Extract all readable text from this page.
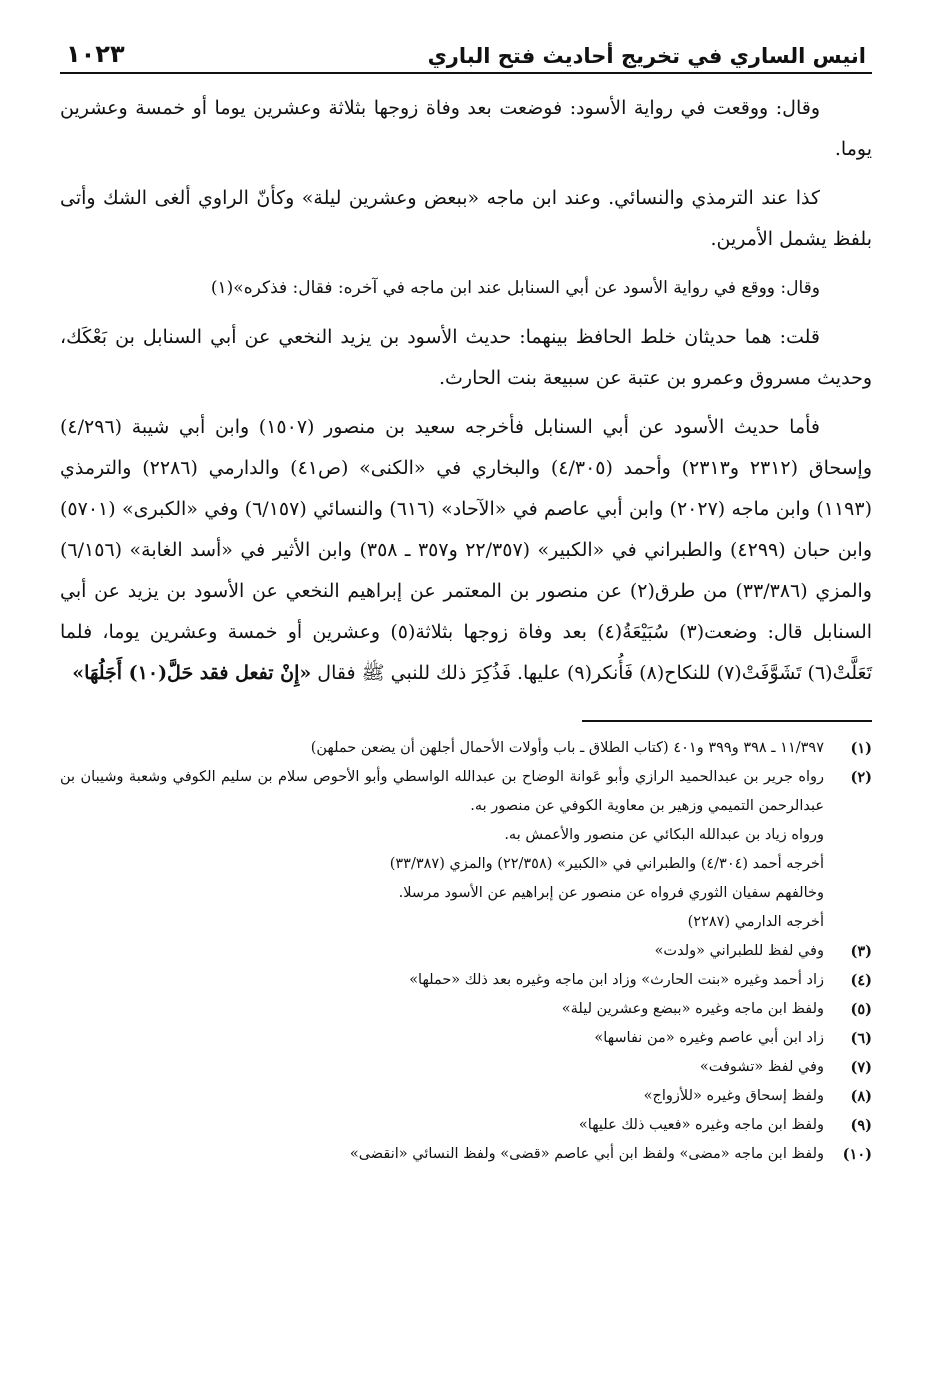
انيس الساري في تخريج أحاديث فتح الباري
١٠٢٣

وقال: ووقعت في رواية الأسود: فوضعت بعد وفاة زوجها بثلاثة وعشرين يوما أو خمسة وعشرين يوما.

كذا عند الترمذي والنسائي. وعند ابن ماجه «ببعض وعشرين ليلة» وكأنّ الراوي ألغى الشك وأتى بلفظ يشمل الأمرين.

وقال: ووقع في رواية الأسود عن أبي السنابل عند ابن ماجه في آخره: فقال: فذكره»(١)

قلت: هما حديثان خلط الحافظ بينهما: حديث الأسود بن يزيد النخعي عن أبي السنابل بن بَعْكَك، وحديث مسروق وعمرو بن عتبة عن سبيعة بنت الحارث.

فأما حديث الأسود عن أبي السنابل فأخرجه سعيد بن منصور (١٥٠٧) وابن أبي شيبة (٤/٢٩٦) وإسحاق (٢٣١٢ و٢٣١٣) وأحمد (٤/٣٠٥) والبخاري في «الكنى» (ص٤١) والدارمي (٢٢٨٦) والترمذي (١١٩٣) وابن ماجه (٢٠٢٧) وابن أبي عاصم في «الآحاد» (٦١٦) والنسائي (٦/١٥٧) وفي «الكبرى» (٥٧٠١) وابن حبان (٤٢٩٩) والطبراني في «الكبير» (٢٢/٣٥٧ و٣٥٧ ـ ٣٥٨) وابن الأثير في «أسد الغابة» (٦/١٥٦) والمزي (٣٣/٣٨٦) من طرق(٢) عن منصور بن المعتمر عن إبراهيم النخعي عن الأسود بن يزيد عن أبي السنابل قال: وضعت(٣) سُبَيْعَةُ(٤) بعد وفاة زوجها بثلاثة(٥) وعشرين أو خمسة وعشرين يوما، فلما تَعَلَّتْ(٦) تَشَوَّفَتْ(٧) للنكاح(٨) فَأُنكر(٩) عليها. فَذُكِرَ ذلك للنبي ﷺ فقال «إِنْ تفعل فقد حَلَّ(١٠) أَجَلُهَا»

(١)
١١/٣٩٧ ـ ٣٩٨ و٣٩٩ و٤٠١ (كتاب الطلاق ـ باب وأولات الأحمال أجلهن أن يضعن حملهن)
(٢)
رواه جرير بن عبدالحميد الرازي وأبو عَوانة الوضاح بن عبدالله الواسطي وأبو الأحوص سلام بن سليم الكوفي وشعبة وشيبان بن عبدالرحمن التميمي وزهير بن معاوية الكوفي عن منصور به.
ورواه زياد بن عبدالله البكائي عن منصور والأعمش به.
أخرجه أحمد (٤/٣٠٤) والطبراني في «الكبير» (٢٢/٣٥٨) والمزي (٣٣/٣٨٧)
وخالفهم سفيان الثوري فرواه عن منصور عن إبراهيم عن الأسود مرسلا.
أخرجه الدارمي (٢٢٨٧)
(٣)
وفي لفظ للطبراني «ولدت»
(٤)
زاد أحمد وغيره «بنت الحارث» وزاد ابن ماجه وغيره بعد ذلك «حملها»
(٥)
ولفظ ابن ماجه وغيره «ببضع وعشرين ليلة»
(٦)
زاد ابن أبي عاصم وغيره «من نفاسها»
(٧)
وفي لفظ «تشوفت»
(٨)
ولفظ إسحاق وغيره «للأزواج»
(٩)
ولفظ ابن ماجه وغيره «فعيب ذلك عليها»
(١٠)
ولفظ ابن ماجه «مضى» ولفظ ابن أبي عاصم «قضى» ولفظ النسائي «انقضى»
